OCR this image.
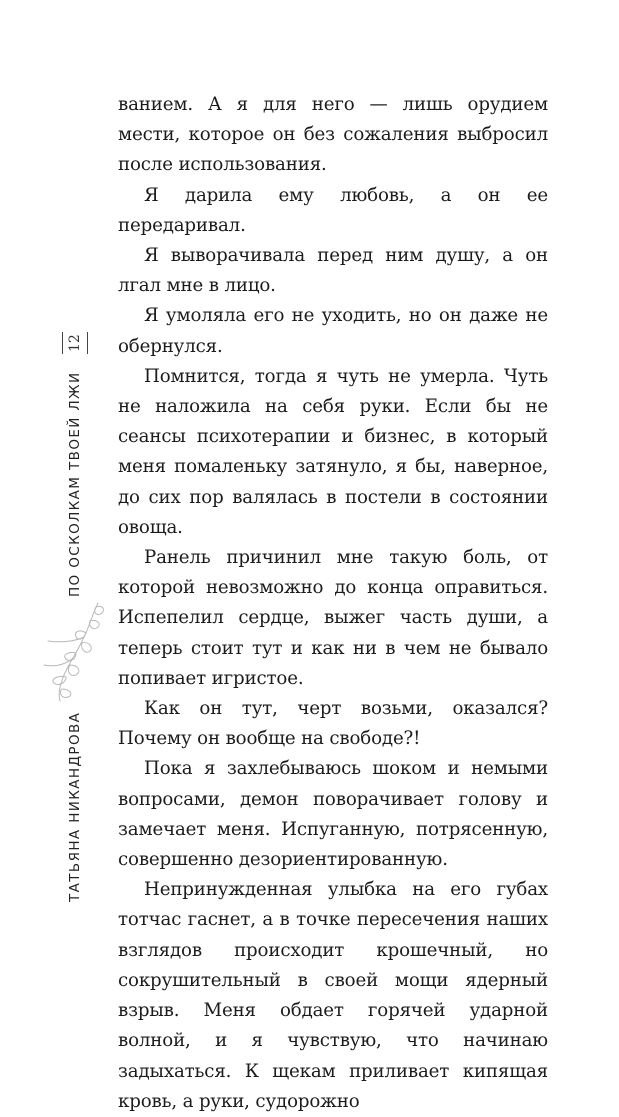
12
ТАТЬЯНА НИКАНДРОВА
ПО ОСКОЛКАМ ТВОЕЙ ЛЖИ

ванием. А я для него — лишь орудием мести, которое он без сожаления выбросил после использования.

Я дарила ему любовь, а он ее передаривал.

Я выворачивала перед ним душу, а он лгал мне в лицо.

Я умоляла его не уходить, но он даже не обернулся.

Помнится, тогда я чуть не умерла. Чуть не наложила на себя руки. Если бы не сеансы психотерапии и бизнес, в который меня помаленьку затянуло, я бы, наверное, до сих пор валялась в постели в состоянии овоща.

Ранель причинил мне такую боль, от которой невозможно до конца оправиться. Испепелил сердце, выжег часть души, а теперь стоит тут и как ни в чем не бывало попивает игристое.

Как он тут, черт возьми, оказался? Почему он вообще на свободе?!

Пока я захлебываюсь шоком и немыми вопросами, демон поворачивает голову и замечает меня. Испуганную, потрясенную, совершенно дезориентированную.

Непринужденная улыбка на его губах тотчас гаснет, а в точке пересечения наших взглядов происходит крошечный, но сокрушительный в своей мощи ядерный взрыв. Меня обдает горячей ударной волной, и я чувствую, что начинаю задыхаться. К щекам приливает кипящая кровь, а руки, судорожно
